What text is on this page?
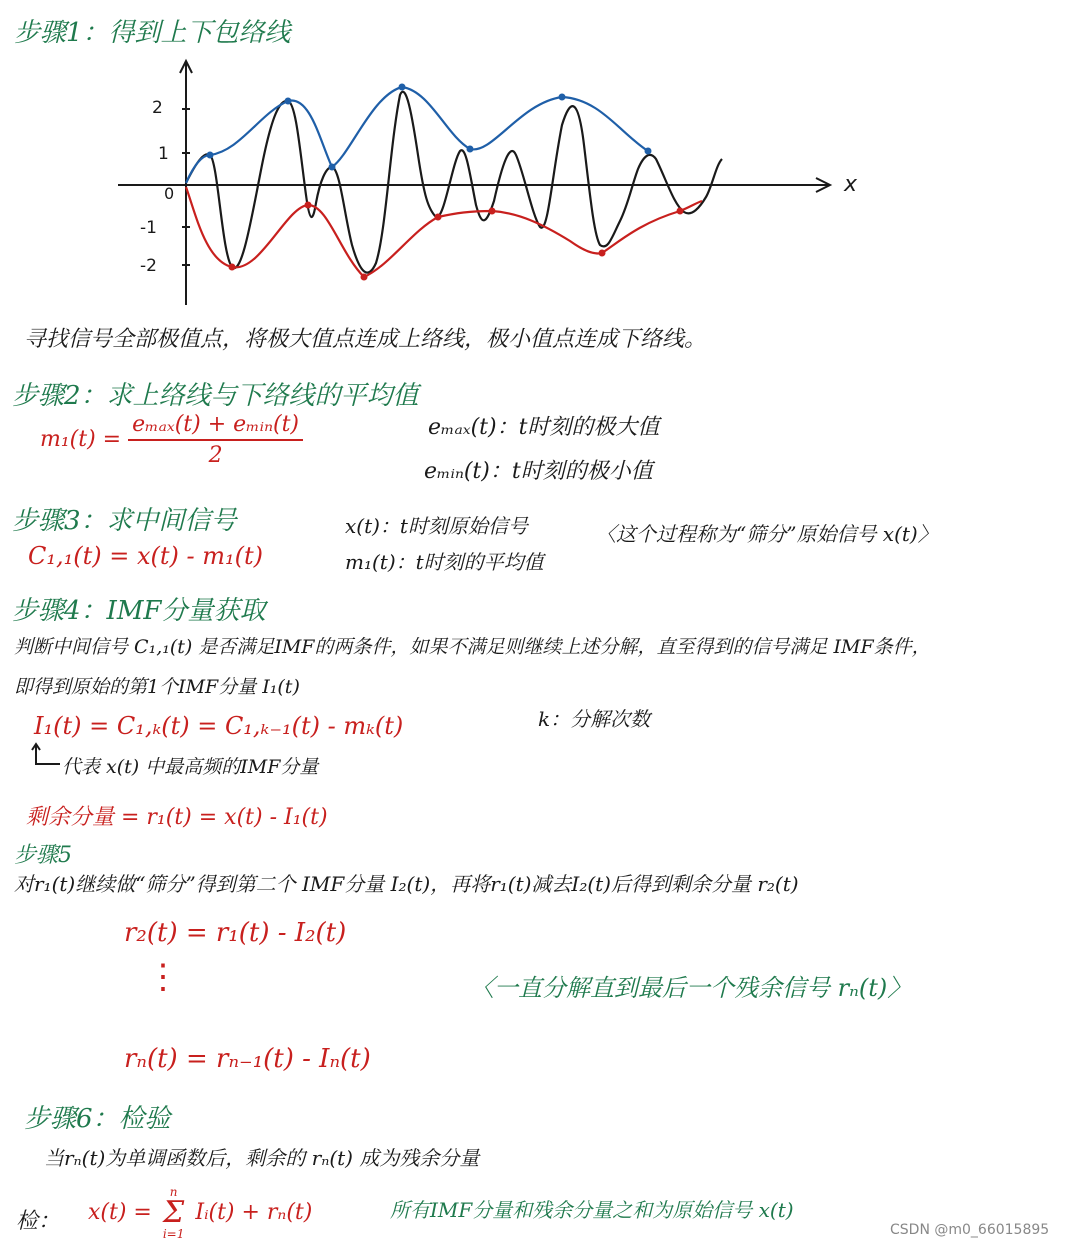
步骤1：得到上下包络线
x
2
1
0
-1
-2
寻找信号全部极值点，将极大值点连成上络线，极小值点连成下络线。
步骤2：求上络线与下络线的平均值
$m_1(t) = \frac{\text{eₘₐₓ(t) + eₘᵢₙ(t)}}{2}$	eₘₐₓ(t)：t时刻的极大值
eₘᵢₙ(t)：t时刻的极小值
步骤3：求中间信号
C₁,₁(t) = x(t) - m₁(t)
x(t)：t时刻原始信号
m₁(t)：t时刻的平均值
〈这个过程称为“筛分”原始信号 x(t)〉
步骤4：IMF分量获取
判断中间信号 C₁,₁(t) 是否满足IMF的两条件，如果不满足则继续上述分解，直至得到的信号满足 IMF条件，
即得到原始的第1个IMF分量 I₁(t)
I₁(t) = C₁,ₖ(t) = C₁,ₖ₋₁(t) - mₖ(t)	k：分解次数
代表 x(t) 中最高频的IMF分量
剩余分量 = r₁(t) = x(t) - I₁(t)
步骤5
对r₁(t)继续做“筛分”得到第二个 IMF分量 I₂(t)，再将r₁(t)减去I₂(t)后得到剩余分量 r₂(t)
r₂(t) = r₁(t) - I₂(t)
⋮	〈一直分解直到最后一个残余信号 rₙ(t)〉
rₙ(t) = rₙ₋₁(t) - Iₙ(t)
步骤6：检验
当rₙ(t)为单调函数后，剩余的 rₙ(t) 成为残余分量
检： x(t) =
n
Σ
i=1
Iᵢ(t) + rₙ(t)	所有IMF分量和残余分量之和为原始信号 x(t)
CSDN @m0_66015895
